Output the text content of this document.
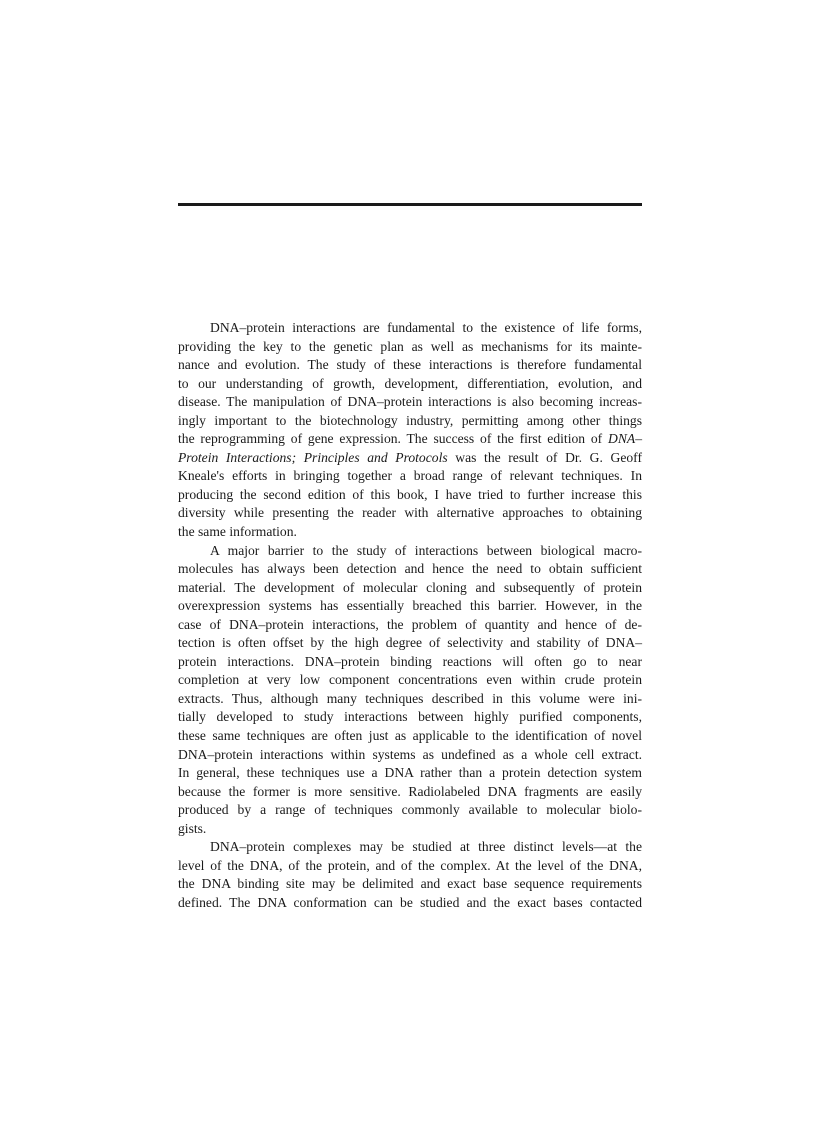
DNA–protein interactions are fundamental to the existence of life forms,
providing the key to the genetic plan as well as mechanisms for its mainte-
nance and evolution. The study of these interactions is therefore fundamental
to our understanding of growth, development, differentiation, evolution, and
disease. The manipulation of DNA–protein interactions is also becoming increas-
ingly important to the biotechnology industry, permitting among other things
the reprogramming of gene expression. The success of the first edition of DNA–
Protein Interactions; Principles and Protocols was the result of Dr. G. Geoff
Kneale's efforts in bringing together a broad range of relevant techniques. In
producing the second edition of this book, I have tried to further increase this
diversity while presenting the reader with alternative approaches to obtaining
the same information.
A major barrier to the study of interactions between biological macro-
molecules has always been detection and hence the need to obtain sufficient
material. The development of molecular cloning and subsequently of protein
overexpression systems has essentially breached this barrier. However, in the
case of DNA–protein interactions, the problem of quantity and hence of de-
tection is often offset by the high degree of selectivity and stability of DNA–
protein interactions. DNA–protein binding reactions will often go to near
completion at very low component concentrations even within crude protein
extracts. Thus, although many techniques described in this volume were ini-
tially developed to study interactions between highly purified components,
these same techniques are often just as applicable to the identification of novel
DNA–protein interactions within systems as undefined as a whole cell extract.
In general, these techniques use a DNA rather than a protein detection system
because the former is more sensitive. Radiolabeled DNA fragments are easily
produced by a range of techniques commonly available to molecular biolo-
gists.
DNA–protein complexes may be studied at three distinct levels—at the
level of the DNA, of the protein, and of the complex. At the level of the DNA,
the DNA binding site may be delimited and exact base sequence requirements
defined. The DNA conformation can be studied and the exact bases contacted
